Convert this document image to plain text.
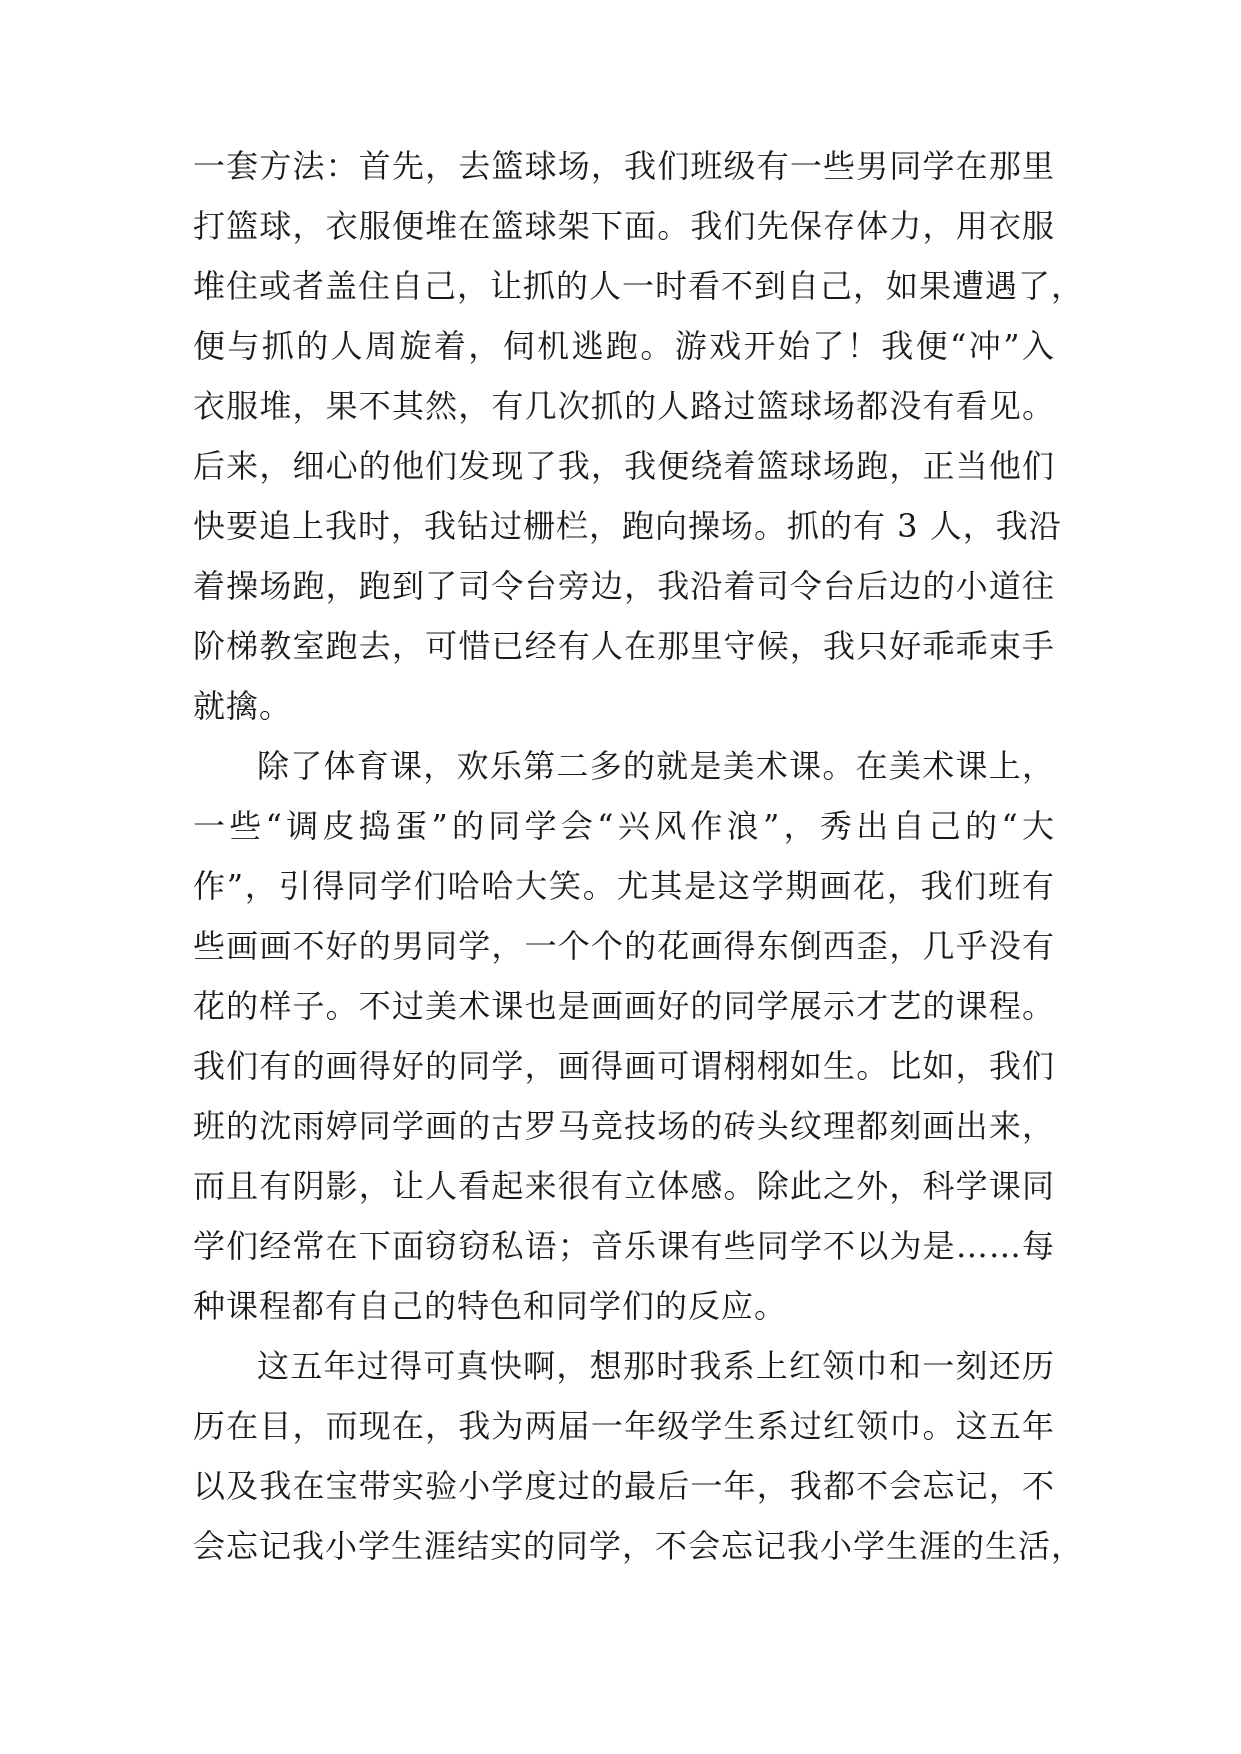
一套方法：首先，去篮球场，我们班级有一些男同学在那里
打篮球，衣服便堆在篮球架下面。我们先保存体力，用衣服
堆住或者盖住自己，让抓的人一时看不到自己，如果遭遇了，
便与抓的人周旋着，伺机逃跑。游戏开始了！我便“冲”入
衣服堆，果不其然，有几次抓的人路过篮球场都没有看见。
后来，细心的他们发现了我，我便绕着篮球场跑，正当他们
快要追上我时，我钻过栅栏，跑向操场。抓的有 3 人，我沿
着操场跑，跑到了司令台旁边，我沿着司令台后边的小道往
阶梯教室跑去，可惜已经有人在那里守候，我只好乖乖束手
就擒。
除了体育课，欢乐第二多的就是美术课。在美术课上，
一些“调皮捣蛋”的同学会“兴风作浪”，秀出自己的“大
作”，引得同学们哈哈大笑。尤其是这学期画花，我们班有
些画画不好的男同学，一个个的花画得东倒西歪，几乎没有
花的样子。不过美术课也是画画好的同学展示才艺的课程。
我们有的画得好的同学，画得画可谓栩栩如生。比如，我们
班的沈雨婷同学画的古罗马竞技场的砖头纹理都刻画出来，
而且有阴影，让人看起来很有立体感。除此之外，科学课同
学们经常在下面窃窃私语；音乐课有些同学不以为是……每
种课程都有自己的特色和同学们的反应。
这五年过得可真快啊，想那时我系上红领巾和一刻还历
历在目，而现在，我为两届一年级学生系过红领巾。这五年
以及我在宝带实验小学度过的最后一年，我都不会忘记，不
会忘记我小学生涯结实的同学，不会忘记我小学生涯的生活，
